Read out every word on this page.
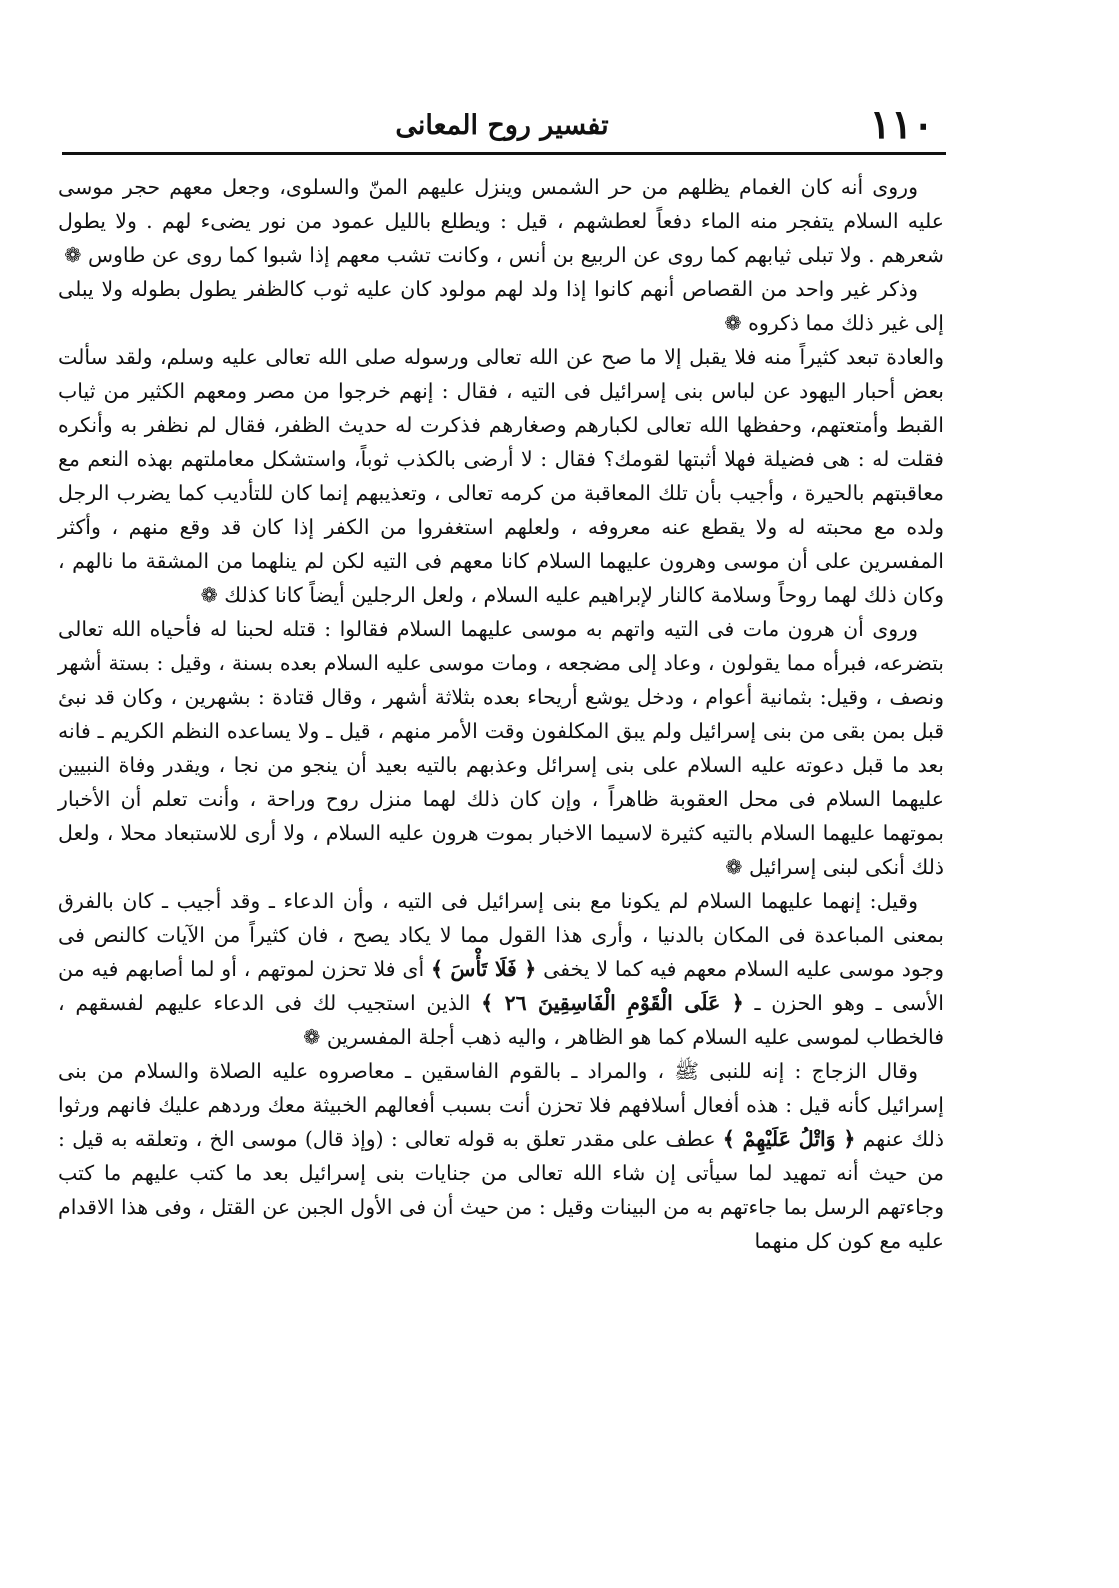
١١٠
تفسير روح المعانى

وروى أنه كان الغمام يظلهم من حر الشمس وينزل عليهم المنّ والسلوى، وجعل معهم حجر موسى عليه السلام يتفجر منه الماء دفعاً لعطشهم ، قيل : ويطلع بالليل عمود من نور يضىء لهم . ولا يطول شعرهم . ولا تبلى ثيابهم كما روى عن الربيع بن أنس ، وكانت تشب معهم إذا شبوا كما روى عن طاوس ❁

وذكر غير واحد من القصاص أنهم كانوا إذا ولد لهم مولود كان عليه ثوب كالظفر يطول بطوله ولا يبلى إلى غير ذلك مما ذكروه ❁

والعادة تبعد كثيراً منه فلا يقبل إلا ما صح عن الله تعالى ورسوله صلى الله تعالى عليه وسلم، ولقد سألت بعض أحبار اليهود عن لباس بنى إسرائيل فى التيه ، فقال : إنهم خرجوا من مصر ومعهم الكثير من ثياب القبط وأمتعتهم، وحفظها الله تعالى لكبارهم وصغارهم فذكرت له حديث الظفر، فقال لم نظفر به وأنكره فقلت له : هى فضيلة فهلا أثبتها لقومك؟ فقال : لا أرضى بالكذب ثوباً، واستشكل معاملتهم بهذه النعم مع معاقبتهم بالحيرة ، وأجيب بأن تلك المعاقبة من كرمه تعالى ، وتعذيبهم إنما كان للتأديب كما يضرب الرجل ولده مع محبته له ولا يقطع عنه معروفه ، ولعلهم استغفروا من الكفر إذا كان قد وقع منهم ، وأكثر المفسرين على أن موسى وهرون عليهما السلام كانا معهم فى التيه لكن لم ينلهما من المشقة ما نالهم ، وكان ذلك لهما روحاً وسلامة كالنار لإبراهيم عليه السلام ، ولعل الرجلين أيضاً كانا كذلك ❁

وروى أن هرون مات فى التيه واتهم به موسى عليهما السلام فقالوا : قتله لحبنا له فأحياه الله تعالى بتضرعه، فبرأه مما يقولون ، وعاد إلى مضجعه ، ومات موسى عليه السلام بعده بسنة ، وقيل : بستة أشهر ونصف ، وقيل: بثمانية أعوام ، ودخل يوشع أريحاء بعده بثلاثة أشهر ، وقال قتادة : بشهرين ، وكان قد نبئ قبل بمن بقى من بنى إسرائيل ولم يبق المكلفون وقت الأمر منهم ، قيل ـ ولا يساعده النظم الكريم ـ فانه بعد ما قبل دعوته عليه السلام على بنى إسرائل وعذبهم بالتيه بعيد أن ينجو من نجا ، ويقدر وفاة النبيين عليهما السلام فى محل العقوبة ظاهراً ، وإن كان ذلك لهما منزل روح وراحة ، وأنت تعلم أن الأخبار بموتهما عليهما السلام بالتيه كثيرة لاسيما الاخبار بموت هرون عليه السلام ، ولا أرى للاستبعاد محلا ، ولعل ذلك أنكى لبنى إسرائيل ❁

وقيل: إنهما عليهما السلام لم يكونا مع بنى إسرائيل فى التيه ، وأن الدعاء ـ وقد أجيب ـ كان بالفرق بمعنى المباعدة فى المكان بالدنيا ، وأرى هذا القول مما لا يكاد يصح ، فان كثيراً من الآيات كالنص فى وجود موسى عليه السلام معهم فيه كما لا يخفى ﴿ فَلَا تَأْسَ ﴾ أى فلا تحزن لموتهم ، أو لما أصابهم فيه من الأسى ـ وهو الحزن ـ ﴿ عَلَى الْقَوْمِ الْفَاسِقِينَ ٢٦ ﴾ الذين استجيب لك فى الدعاء عليهم لفسقهم ، فالخطاب لموسى عليه السلام كما هو الظاهر ، واليه ذهب أجلة المفسرين ❁

وقال الزجاج : إنه للنبى ﷺ ، والمراد ـ بالقوم الفاسقين ـ معاصروه عليه الصلاة والسلام من بنى إسرائيل كأنه قيل : هذه أفعال أسلافهم فلا تحزن أنت بسبب أفعالهم الخبيثة معك وردهم عليك فانهم ورثوا ذلك عنهم ﴿ وَاتْلُ عَلَيْهِمْ ﴾ عطف على مقدر تعلق به قوله تعالى : (وإذ قال) موسى الخ ، وتعلقه به قيل : من حيث أنه تمهيد لما سيأتى إن شاء الله تعالى من جنايات بنى إسرائيل بعد ما كتب عليهم ما كتب وجاءتهم الرسل بما جاءتهم به من البينات وقيل : من حيث أن فى الأول الجبن عن القتل ، وفى هذا الاقدام عليه مع كون كل منهما
